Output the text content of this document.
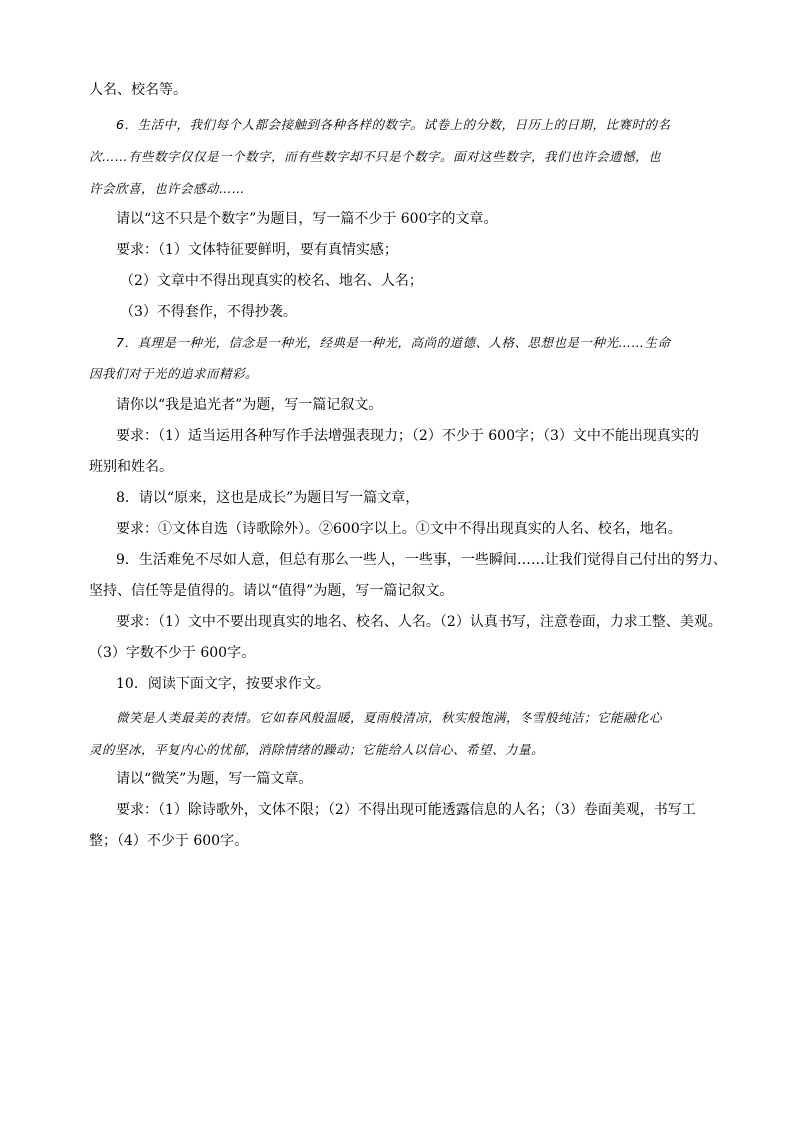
人名、校名等。
6．生活中，我们每个人都会接触到各种各样的数字。试卷上的分数，日历上的日期，比赛时的名
次……有些数字仅仅是一个数字，而有些数字却不只是个数字。面对这些数字，我们也许会遗憾，也
许会欣喜，也许会感动……
请以“这不只是个数字”为题目，写一篇不少于 600字的文章。
要求：（1）文体特征要鲜明，要有真情实感；
（2）文章中不得出现真实的校名、地名、人名；
（3）不得套作，不得抄袭。
7．真理是一种光，信念是一种光，经典是一种光，高尚的道德、人格、思想也是一种光……生命
因我们对于光的追求而精彩。
请你以“我是追光者”为题，写一篇记叙文。
要求：（1）适当运用各种写作手法增强表现力；（2）不少于 600字；（3）文中不能出现真实的
班别和姓名。
8．请以“原来，这也是成长”为题目写一篇文章，
要求：①文体自选（诗歌除外）。②600字以上。①文中不得出现真实的人名、校名，地名。
9．生活难免不尽如人意，但总有那么一些人，一些事，一些瞬间……让我们觉得自己付出的努力、
坚持、信任等是值得的。请以“值得”为题，写一篇记叙文。
要求：（1）文中不要出现真实的地名、校名、人名。（2）认真书写，注意卷面，力求工整、美观。
（3）字数不少于 600字。
10．阅读下面文字，按要求作文。
微笑是人类最美的表情。它如春风般温暖，夏雨般清凉，秋实般饱满，冬雪般纯洁；它能融化心
灵的坚冰，平复内心的忧郁，消除情绪的躁动；它能给人以信心、希望、力量。
请以“微笑”为题，写一篇文章。
要求：（1）除诗歌外，文体不限；（2）不得出现可能透露信息的人名；（3）卷面美观，书写工
整；（4）不少于 600字。
